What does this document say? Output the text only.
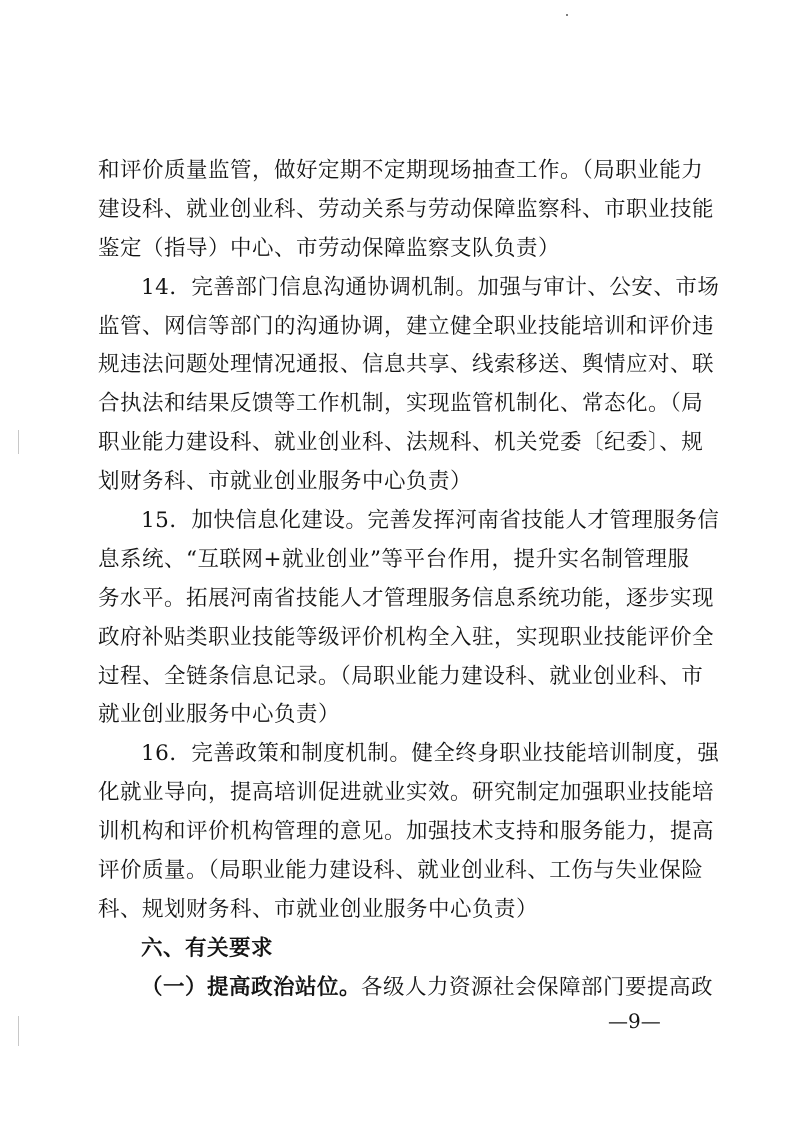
和评价质量监管，做好定期不定期现场抽查工作。（局职业能力
建设科、就业创业科、劳动关系与劳动保障监察科、市职业技能
鉴定（指导）中心、市劳动保障监察支队负责）
14．完善部门信息沟通协调机制。加强与审计、公安、市场
监管、网信等部门的沟通协调，建立健全职业技能培训和评价违
规违法问题处理情况通报、信息共享、线索移送、舆情应对、联
合执法和结果反馈等工作机制，实现监管机制化、常态化。（局
职业能力建设科、就业创业科、法规科、机关党委〔纪委〕、规
划财务科、市就业创业服务中心负责）
15．加快信息化建设。完善发挥河南省技能人才管理服务信
息系统、“互联网+就业创业”等平台作用，提升实名制管理服
务水平。拓展河南省技能人才管理服务信息系统功能，逐步实现
政府补贴类职业技能等级评价机构全入驻，实现职业技能评价全
过程、全链条信息记录。（局职业能力建设科、就业创业科、市
就业创业服务中心负责）
16．完善政策和制度机制。健全终身职业技能培训制度，强
化就业导向，提高培训促进就业实效。研究制定加强职业技能培
训机构和评价机构管理的意见。加强技术支持和服务能力，提高
评价质量。（局职业能力建设科、就业创业科、工伤与失业保险
科、规划财务科、市就业创业服务中心负责）
六、有关要求
（一）提高政治站位。各级人力资源社会保障部门要提高政
—9—
